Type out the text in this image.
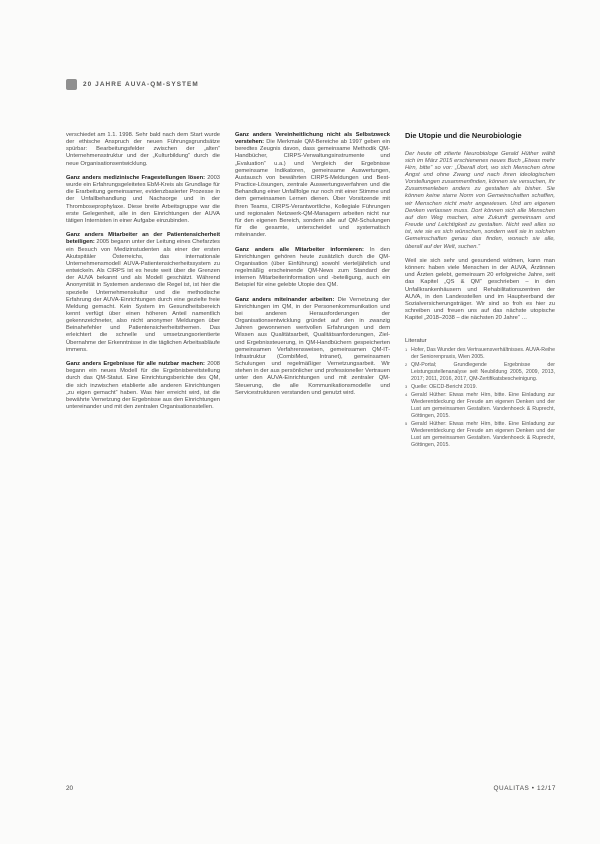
20 JAHRE AUVA-QM-SYSTEM

verschiedet am 1.1. 1998. Sehr bald nach dem Start wurde der ethische Anspruch der neuen Führungsgrundsätze spürbar: Bearbeitungsfelder zwischen der „alten“ Unternehmensstruktur und der „Kulturbildung“ durch die neue Organisationsentwicklung.

Ganz anders medizinische Fragestellungen lösen: 2003 wurde ein Erfahrungsgeleitetes EbM-Kreis als Grundlage für die Erarbeitung gemeinsamer, evidenzbasierter Prozesse in der Unfallbehandlung und Nachsorge und in der Thromboseprophylaxe. Diese breite Arbeitsgruppe war die erste Gelegenheit, alle in den Einrichtungen der AUVA tätigen Internisten in einer Aufgabe einzubinden.

Ganz anders Mitarbeiter an der Patientensicherheit beteiligen: 2005 begann unter der Leitung eines Chefarztes ein Besuch von Medizinstudenten als einer der ersten Akutspitäler Österreichs, das internationale Unternehmensmodell AUVA-Patientensicherheitssystem zu entwickeln. Als CIRPS ist es heute weit über die Grenzen der AUVA bekannt und als Modell geschätzt. Während Anonymität in Systemen anderswo die Regel ist, ist hier die spezielle Unternehmenskultur und die methodische Erfahrung der AUVA-Einrichtungen durch eine gezielte freie Meldung gemacht. Kein System im Gesundheitsbereich kennt verfügt über einen höheren Anteil namentlich gekennzeichneter, also nicht anonymer Meldungen über Beinahefehler und Patientensicherheitsthemen. Das erleichtert die schnelle und umsetzungsorientierte Übernahme der Erkenntnisse in die täglichen Arbeitsabläufe immens.

Ganz anders Ergebnisse für alle nutzbar machen: 2008 begann ein neues Modell für die Ergebnisbereitstellung durch das QM-Statut. Eine Einrichtungsberichte des QM, die sich inzwischen etablierte alle anderen Einrichtungen „zu eigen gemacht“ haben. Was hier erreicht wird, ist die bewährte Vernetzung der Ergebnisse aus den Einrichtungen untereinander und mit den zentralen Organisationsstellen.

Ganz anders Vereinheitlichung nicht als Selbstzweck verstehen: Die Merkmale QM-Bereiche ab 1997 geben ein beredtes Zeugnis davon, dass gemeinsame Methodik QM-Handbücher, CIRPS-Verwaltungsinstrumente und „Evaluation“ u.a.) und Vergleich der Ergebnisse gemeinsame Indikatoren, gemeinsame Auswertungen, Austausch von bewährten CIRPS-Meldungen und Best-Practice-Lösungen, zentrale Auswertungsverfahren und die Behandlung einer Unfallfolge nur noch mit einer Stimme und dem gemeinsamen Lernen dienen. Über Vorsitzende mit ihren Teams, CIRPS-Verantwortliche, Kollegiale Führungen und regionalen Netzwerk-QM-Managern arbeiten nicht nur für den eigenen Bereich, sondern alle auf QM-Schulungen für die gesamte, unterscheidet und systematisch miteinander.

Ganz anders alle Mitarbeiter informieren: In den Einrichtungen gehören heute zusätzlich durch die QM-Organisation (über Einführung) sowohl vierteljährlich und regelmäßig erscheinende QM-News zum Standard der internen Mitarbeiterinformation und -beteiligung, auch ein Beispiel für eine gelebte Utopie des QM.

Ganz anders miteinander arbeiten: Die Vernetzung der Einrichtungen im QM, in der Personenkommunikation und bei anderen Herausforderungen der Organisationsentwicklung gründet auf den in zwanzig Jahren gewonnenen wertvollen Erfahrungen und dem Wissen aus Qualitätsarbeit, Qualitätsanforderungen, Ziel- und Ergebnissteuerung, in QM-Handbüchern gespeicherten gemeinsamen Verfahrensweisen, gemeinsamen QM-IT-Infrastruktur (CombiMed, Intranet), gemeinsamen Schulungen und regelmäßiger Vernetzungsarbeit. Wir stehen in der aus persönlicher und professioneller Vertrauen unter den AUVA-Einrichtungen und mit zentraler QM-Steuerung, die alle Kommunikationsmodelle und Servicestrukturen verstanden und genutzt wird.

Die Utopie und die Neurobiologie

Der heute oft zitierte Neurobiologe Gerald Hüther wählt sich im März 2015 erschienenes neues Buch „Etwas mehr Hirn, bitte“ so vor: „Überall dort, wo sich Menschen ohne Angst und ohne Zwang und nach ihren ideologischen Vorstellungen zusammenfinden, können sie versuchen, ihr Zusammenleben anders zu gestalten als bisher. Sie können keine starre Norm von Gemeinschaften schaffen, wir Menschen nicht mehr angewiesen. Und am eigenen Denken verlassen muss. Dort können sich alle Menschen auf den Weg machen, eine Zukunft gemeinsam und Freude und Leichtigkeit zu gestalten. Nicht weil alles so ist, wie sie es sich wünschen, sondern weil sie in solchen Gemeinschaften genau das finden, wonach sie alle, überall auf der Welt, suchen.“

Weil sie sich sehr und gesundend widmen, kann man können: haben viele Menschen in der AUVA, Ärztinnen und Ärzten gelebt, gemeinsam 20 erfolgreiche Jahre, seit das Kapitel „QS & QM“ geschrieben – in den Unfallkrankenhäusern und Rehabilitationszentren der AUVA, in den Landesstellen und im Hauptverband der Sozialversicherungsträger. Wir sind so froh es hier zu schreiben und freuen uns auf das nächste utopische Kapitel „2018–2038 – die nächsten 20 Jahre“ …

Literatur
1 Hofer, Das Wunder des Vertrauensverhältnisses. AUVA-Reihe der Seniorenpraxis, Wien 2005.
2 QM-Portal; Grundlegende Ergebnisse der Leistungsstellenanalyse seit Neubildung 2005, 2009, 2013, 2017; 2011, 2016, 2017, QM-Zertifikatsbescheinigung.
3 Quelle: OECD-Bericht 2019.
4 Gerald Hüther: Etwas mehr Hirn, bitte. Eine Einladung zur Wiederentdeckung der Freude am eigenen Denken und der Lust am gemeinsamen Gestalten. Vandenhoeck & Ruprecht, Göttingen, 2015.
5 Gerald Hüther: Etwas mehr Hirn, bitte. Eine Einladung zur Wiederentdeckung der Freude am eigenen Denken und der Lust am gemeinsamen Gestalten. Vandenhoeck & Ruprecht, Göttingen, 2015.
20	QUALITAS • 12/17
